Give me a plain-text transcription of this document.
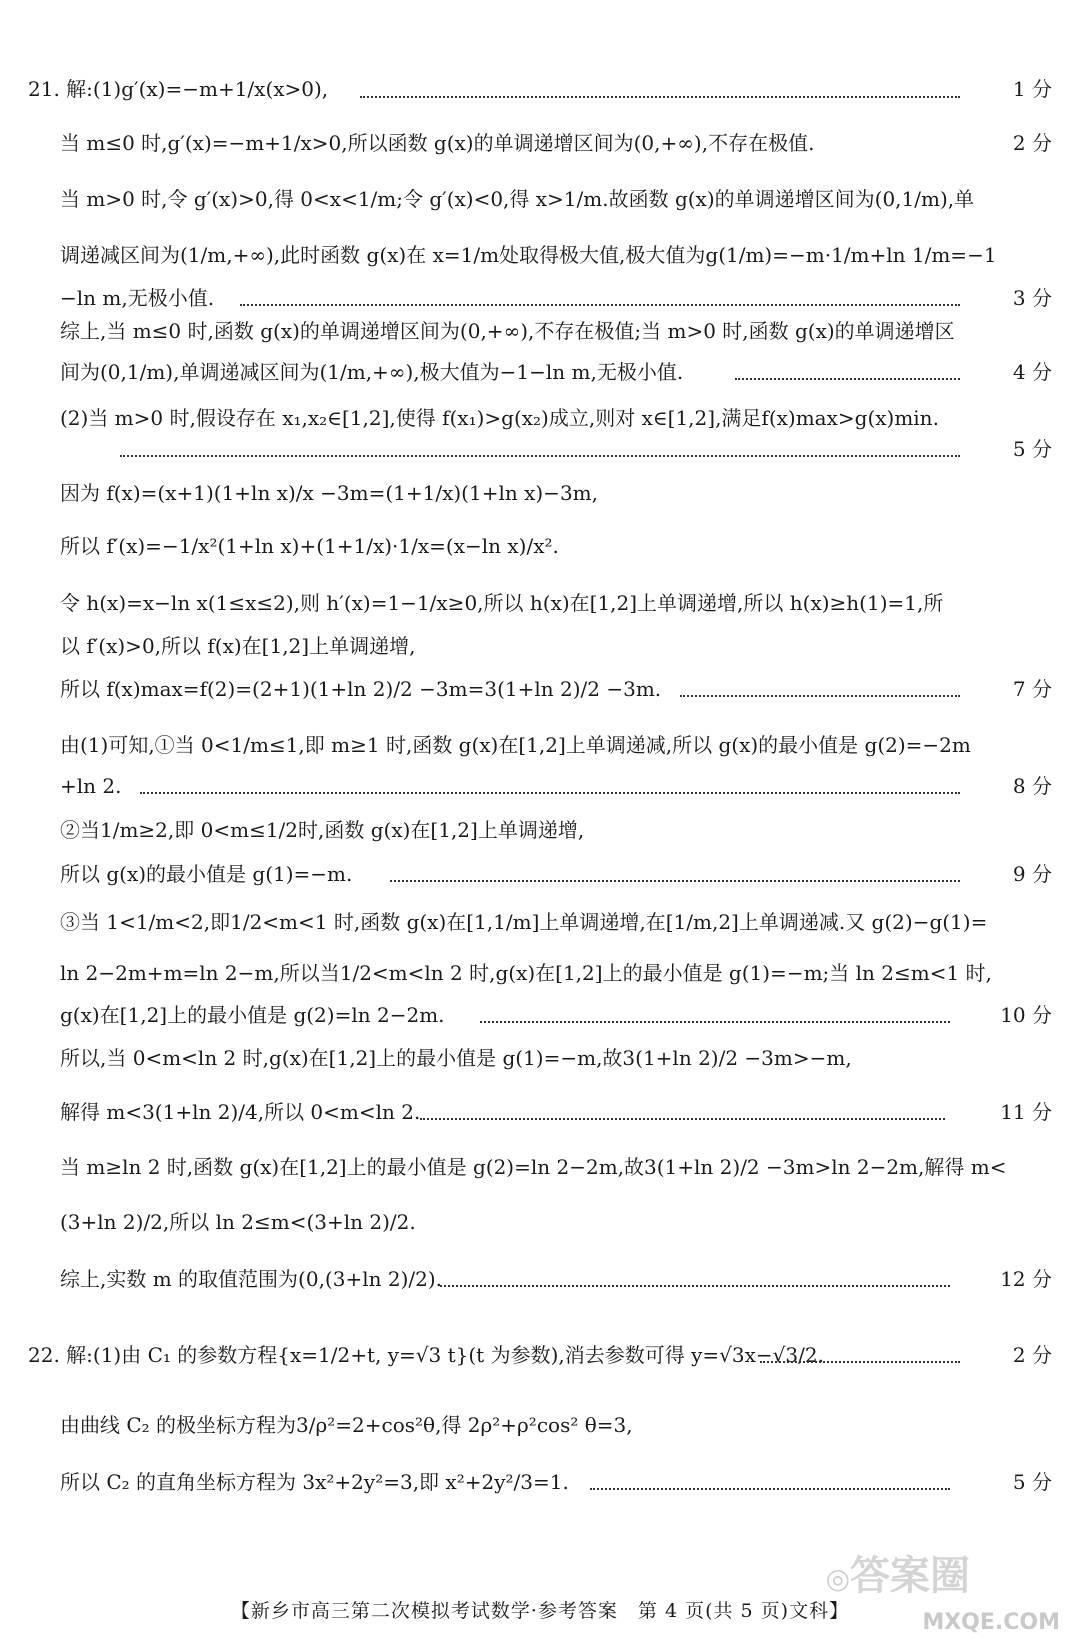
21. 解:(1)g′(x)=−m+1/x(x>0),	1 分
当 m≤0 时,g′(x)=−m+1/x>0,所以函数 g(x)的单调递增区间为(0,+∞),不存在极值.	2 分
当 m>0 时,令 g′(x)>0,得 0<x<1/m;令 g′(x)<0,得 x>1/m.故函数 g(x)的单调递增区间为(0,1/m),单
调递减区间为(1/m,+∞),此时函数 g(x)在 x=1/m处取得极大值,极大值为g(1/m)=−m·1/m+ln 1/m=−1
−ln m,无极小值.	3 分
综上,当 m≤0 时,函数 g(x)的单调递增区间为(0,+∞),不存在极值;当 m>0 时,函数 g(x)的单调递增区
间为(0,1/m),单调递减区间为(1/m,+∞),极大值为−1−ln m,无极小值.	4 分
(2)当 m>0 时,假设存在 x₁,x₂∈[1,2],使得 f(x₁)>g(x₂)成立,则对 x∈[1,2],满足f(x)max>g(x)min.
5 分
因为 f(x)=(x+1)(1+ln x)/x −3m=(1+1/x)(1+ln x)−3m,
所以 f′(x)=−1/x²(1+ln x)+(1+1/x)·1/x=(x−ln x)/x².
令 h(x)=x−ln x(1≤x≤2),则 h′(x)=1−1/x≥0,所以 h(x)在[1,2]上单调递增,所以 h(x)≥h(1)=1,所
以 f′(x)>0,所以 f(x)在[1,2]上单调递增,
所以 f(x)max=f(2)=(2+1)(1+ln 2)/2 −3m=3(1+ln 2)/2 −3m.	7 分
由(1)可知,①当 0<1/m≤1,即 m≥1 时,函数 g(x)在[1,2]上单调递减,所以 g(x)的最小值是 g(2)=−2m
+ln 2.	8 分
②当1/m≥2,即 0<m≤1/2时,函数 g(x)在[1,2]上单调递增,
所以 g(x)的最小值是 g(1)=−m.	9 分
③当 1<1/m<2,即1/2<m<1 时,函数 g(x)在[1,1/m]上单调递增,在[1/m,2]上单调递减.又 g(2)−g(1)=
ln 2−2m+m=ln 2−m,所以当1/2<m<ln 2 时,g(x)在[1,2]上的最小值是 g(1)=−m;当 ln 2≤m<1 时,
g(x)在[1,2]上的最小值是 g(2)=ln 2−2m.	10 分
所以,当 0<m<ln 2 时,g(x)在[1,2]上的最小值是 g(1)=−m,故3(1+ln 2)/2 −3m>−m,
解得 m<3(1+ln 2)/4,所以 0<m<ln 2.	11 分
当 m≥ln 2 时,函数 g(x)在[1,2]上的最小值是 g(2)=ln 2−2m,故3(1+ln 2)/2 −3m>ln 2−2m,解得 m<
(3+ln 2)/2,所以 ln 2≤m<(3+ln 2)/2.
综上,实数 m 的取值范围为(0,(3+ln 2)/2).	12 分
22. 解:(1)由 C₁ 的参数方程{x=1/2+t, y=√3 t}(t 为参数),消去参数可得 y=√3x−√3/2.	2 分
由曲线 C₂ 的极坐标方程为3/ρ²=2+cos²θ,得 2ρ²+ρ²cos² θ=3,
所以 C₂ 的直角坐标方程为 3x²+2y²=3,即 x²+2y²/3=1.	5 分
【新乡市高三第二次模拟考试数学·参考答案　第 4 页(共 5 页)文科】
◎ 答案圈
MXQE.COM
